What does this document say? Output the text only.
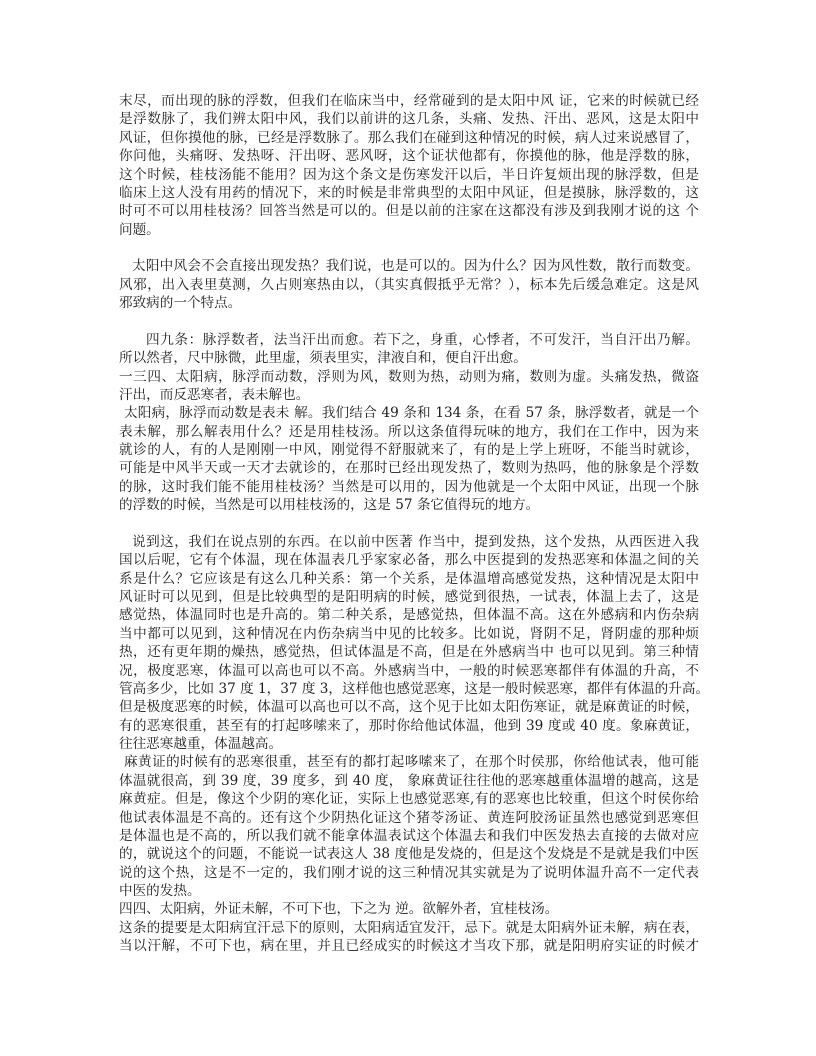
末尽，而出现的脉的浮数，但我们在临床当中，经常碰到的是太阳中风 证，它来的时候就已经
是浮数脉了，我们辨太阳中风，我们以前讲的这几条，头痛、发热、汗出、恶风，这是太阳中
风证，但你摸他的脉，已经是浮数脉了。那么我们在碰到这种情况的时候，病人过来说感冒了，
你问他，头痛呀、发热呀、汗出呀、恶风呀，这个证状他都有，你摸他的脉，他是浮数的脉，
这个时候，桂枝汤能不能用？因为这个条文是伤寒发汗以后，半日许复烦出现的脉浮数，但是
临床上这人没有用药的情况下，来的时候是非常典型的太阳中风证，但是摸脉，脉浮数的，这
时可不可以用桂枝汤？回答当然是可以的。但是以前的注家在这都没有涉及到我刚才说的这 个
问题。
太阳中风会不会直接出现发热？我们说，也是可以的。因为什么？因为风性数，散行而数变。
风邪，出入表里莫测，久占则寒热由以，（其实真假抵乎无常？），标本先后缓急难定。这是风
邪致病的一个特点。
四九条：脉浮数者，法当汗出而愈。若下之，身重，心悸者，不可发汗，当自汗出乃解。
所以然者，尺中脉微，此里虚，须表里实，津液自和，便自汗出愈。
一三四、太阳病，脉浮而动数，浮则为风，数则为热，动则为痛，数则为虚。头痛发热，微盗
汗出，而反恶寒者，表未解也。
太阳病，脉浮而动数是表未 解。我们结合 49 条和 134 条，在看 57 条，脉浮数者，就是一个
表未解，那么解表用什么？还是用桂枝汤。所以这条值得玩味的地方，我们在工作中，因为来
就诊的人，有的人是刚刚一中风，刚觉得不舒服就来了，有的是上学上班呀，不能当时就诊，
可能是中风半天或一天才去就诊的，在那时已经出现发热了，数则为热吗，他的脉象是个浮数
的脉，这时我们能不能用桂枝汤？当然是可以用的，因为他就是一个太阳中风证，出现一个脉
的浮数的时候，当然是可以用桂枝汤的，这是 57 条它值得玩的地方。
说到这，我们在说点别的东西。在以前中医著 作当中，提到发热，这个发热，从西医进入我
国以后呢，它有个体温，现在体温表几乎家家必备，那么中医提到的发热恶寒和体温之间的关
系是什么？它应该是有这么几种关系：第一个关系，是体温增高感觉发热，这种情况是太阳中
风证时可以见到，但是比较典型的是阳明病的时候，感觉到很热，一试表，体温上去了，这是
感觉热，体温同时也是升高的。第二种关系，是感觉热，但体温不高。这在外感病和内伤杂病
当中都可以见到，这种情况在内伤杂病当中见的比较多。比如说，肾阴不足，肾阴虚的那种烦
热，还有更年期的燥热，感觉热，但试体温是不高，但是在外感病当中 也可以见到。第三种情
况，极度恶寒，体温可以高也可以不高。外感病当中，一般的时候恶寒都伴有体温的升高，不
管高多少，比如 37 度 1，37 度 3，这样他也感觉恶寒，这是一般时候恶寒，都伴有体温的升高。
但是极度恶寒的时候，体温可以高也可以不高，这个见于比如太阳伤寒证，就是麻黄证的时候，
有的恶寒很重，甚至有的打起哆嗦来了，那时你给他试体温，他到 39 度或 40 度。象麻黄证，
往往恶寒越重，体温越高。
麻黄证的时候有的恶寒很重，甚至有的都打起哆嗦来了，在那个时侯那，你给他试表，他可能
体温就很高，到 39 度，39 度多，到 40 度， 象麻黄证往往他的恶寒越重体温增的越高，这是
麻黄症。但是，像这个少阴的寒化证，实际上也感觉恶寒,有的恶寒也比较重，但这个时侯你给
他试表体温是不高的。还有这个少阴热化证这个猪苓汤证、黄连阿胶汤证虽然也感觉到恶寒但
是体温也是不高的，所以我们就不能拿体温表试这个体温去和我们中医发热去直接的去做对应
的，就说这个的问题，不能说一试表这人 38 度他是发烧的，但是这个发烧是不是就是我们中医
说的这个热，这是不一定的，我们刚才说的这三种情况其实就是为了说明体温升高不一定代表
中医的发热。
四四、太阳病，外证未解，不可下也，下之为 逆。欲解外者，宜桂枝汤。
这条的提要是太阳病宜汗忌下的原则，太阳病适宜发汗，忌下。就是太阳病外证未解，病在表，
当以汗解，不可下也，病在里，并且已经成实的时候这才当攻下那，就是阳明府实证的时候才
